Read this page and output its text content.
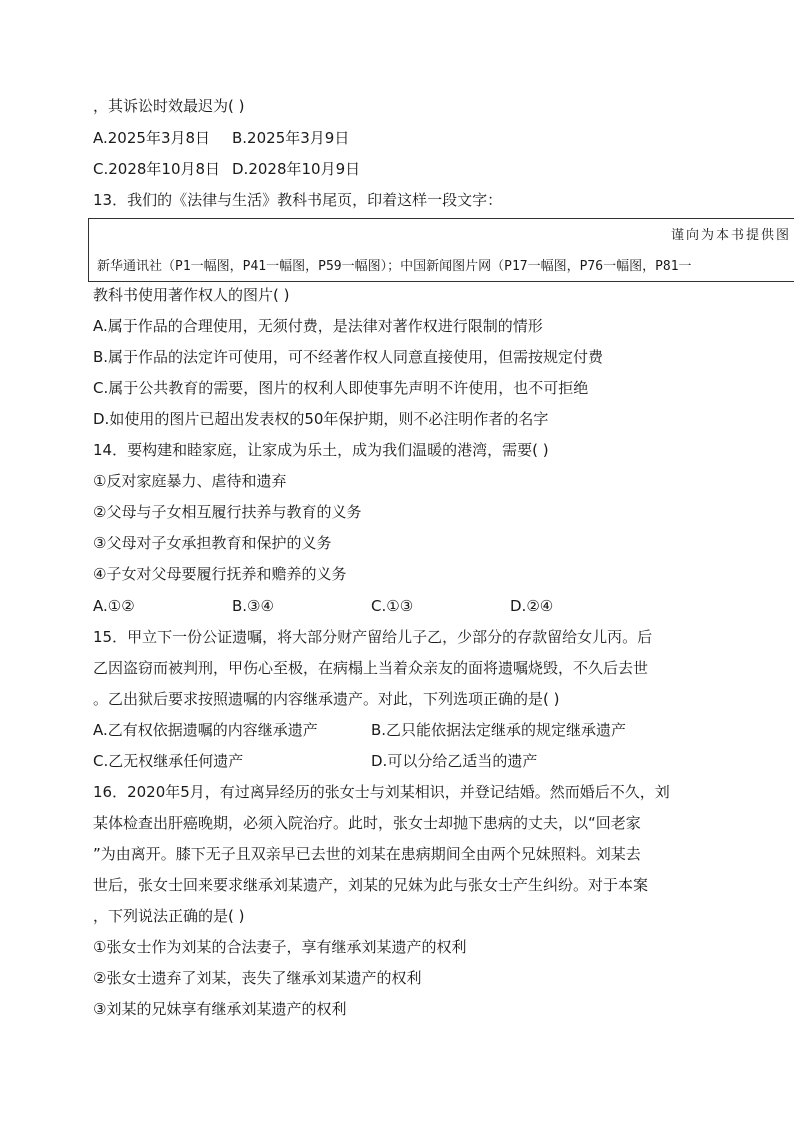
，其诉讼时效最迟为( )
A.2025年3月8日 B.2025年3月9日
C.2028年10月8日 D.2028年10月9日
13．我们的《法律与生活》教科书尾页，印着这样一段文字：
谨向为本书提供图
新华通讯社（P1一幅图，P41一幅图，P59一幅图）；中国新闻图片网（P17一幅图，P76一幅图，P81一
教科书使用著作权人的图片( )
A.属于作品的合理使用，无须付费，是法律对著作权进行限制的情形
B.属于作品的法定许可使用，可不经著作权人同意直接使用，但需按规定付费
C.属于公共教育的需要，图片的权利人即使事先声明不许使用，也不可拒绝
D.如使用的图片已超出发表权的50年保护期，则不必注明作者的名字
14．要构建和睦家庭，让家成为乐土，成为我们温暖的港湾，需要( )
①反对家庭暴力、虐待和遗弃
②父母与子女相互履行扶养与教育的义务
③父母对子女承担教育和保护的义务
④子女对父母要履行抚养和赡养的义务
A.①②	B.③④	C.①③	D.②④
15．甲立下一份公证遗嘱，将大部分财产留给儿子乙，少部分的存款留给女儿丙。后
乙因盗窃而被判刑，甲伤心至极，在病榻上当着众亲友的面将遗嘱烧毁，不久后去世
。乙出狱后要求按照遗嘱的内容继承遗产。对此，下列选项正确的是( )
A.乙有权依据遗嘱的内容继承遗产	B.乙只能依据法定继承的规定继承遗产
C.乙无权继承任何遗产	D.可以分给乙适当的遗产
16．2020年5月，有过离异经历的张女士与刘某相识，并登记结婚。然而婚后不久，刘
某体检查出肝癌晚期，必须入院治疗。此时，张女士却抛下患病的丈夫，以“回老家
”为由离开。膝下无子且双亲早已去世的刘某在患病期间全由两个兄妹照料。刘某去
世后，张女士回来要求继承刘某遗产，刘某的兄妹为此与张女士产生纠纷。对于本案
，下列说法正确的是( )
①张女士作为刘某的合法妻子，享有继承刘某遗产的权利
②张女士遗弃了刘某，丧失了继承刘某遗产的权利
③刘某的兄妹享有继承刘某遗产的权利
